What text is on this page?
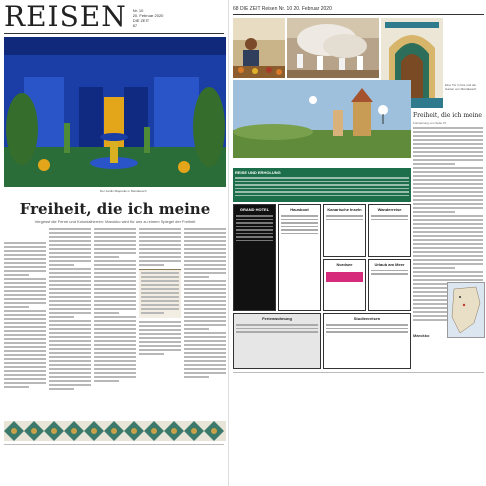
REISEN Nr. 10
20. Februar 2020
DIE ZEIT
67
Der Jardin Majorelle in Marrakesch
Freiheit, die ich meine
Vergesst die Ferne und Kolonialherren: Marokko wird für uns zu einem Spiegel der Freiheit
68 DIE ZEIT Reisen Nr. 10 20. Februar 2020
Eine Tür in Fès und der Garten von Marrakesch
Freiheit, die ich meine
Fortsetzung von Seite 67
REISE UND ERHOLUNG
GRAND HOTEL	Hausboot	Kanarische Inseln	Wanderreise
Nordsee	Urlaub am Meer
Ferienwohnung	Studienreisen
Marokko
